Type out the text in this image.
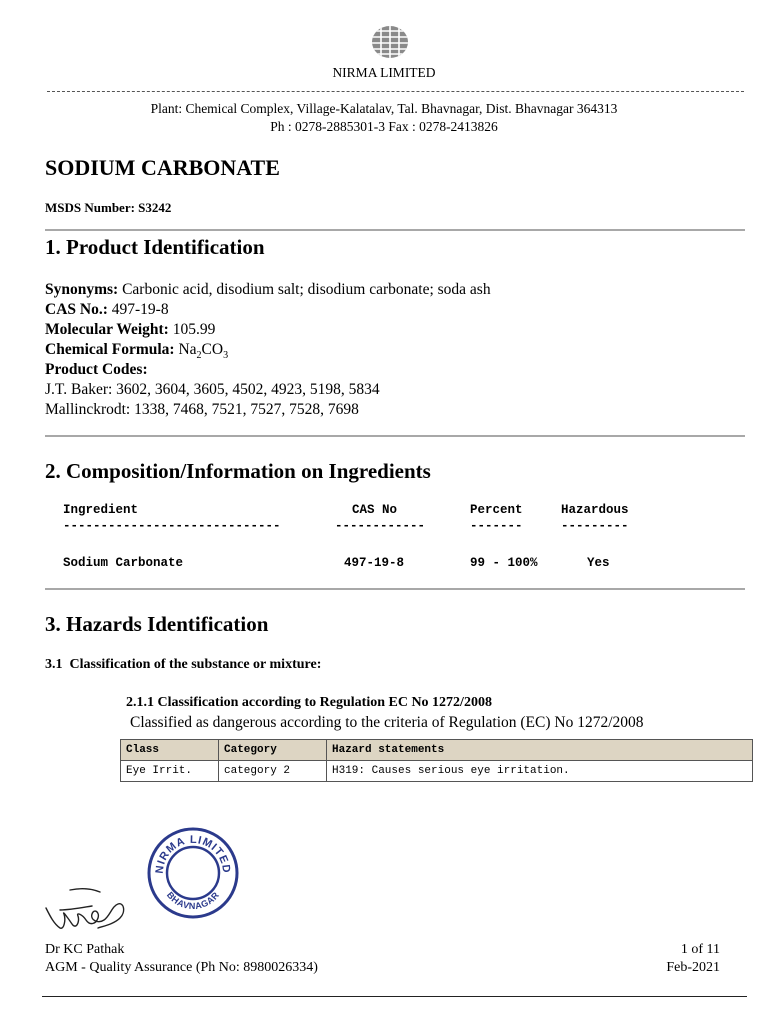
NIRMA LIMITED
Plant: Chemical Complex, Village-Kalatalav, Tal. Bhavnagar, Dist. Bhavnagar 364313
Ph : 0278-2885301-3 Fax : 0278-2413826
SODIUM CARBONATE
MSDS Number: S3242
1. Product Identification
Synonyms: Carbonic acid, disodium salt; disodium carbonate; soda ash
CAS No.: 497-19-8
Molecular Weight: 105.99
Chemical Formula: $Na_2CO_3$
Product Codes:
J.T. Baker: 3602, 3604, 3605, 4502, 4923, 5198, 5834
Mallinckrodt: 1338, 7468, 7521, 7527, 7528, 7698
2. Composition/Information on Ingredients
Ingredient	CAS No	Percent	Hazardous
-----------------------------	------------	-------	---------
Sodium Carbonate	497-19-8	99 - 100%	Yes
3. Hazards Identification
3.1  Classification of the substance or mixture:
2.1.1 Classification according to Regulation EC No 1272/2008
Classified as dangerous according to the criteria of Regulation (EC) No 1272/2008
Class	Category	Hazard statements
Eye Irrit.	category 2	H319: Causes serious eye irritation.
NIRMA LIMITED
BHAVNAGAR
Dr KC Pathak
AGM - Quality Assurance (Ph No: 8980026334)
1 of 11
Feb-2021
